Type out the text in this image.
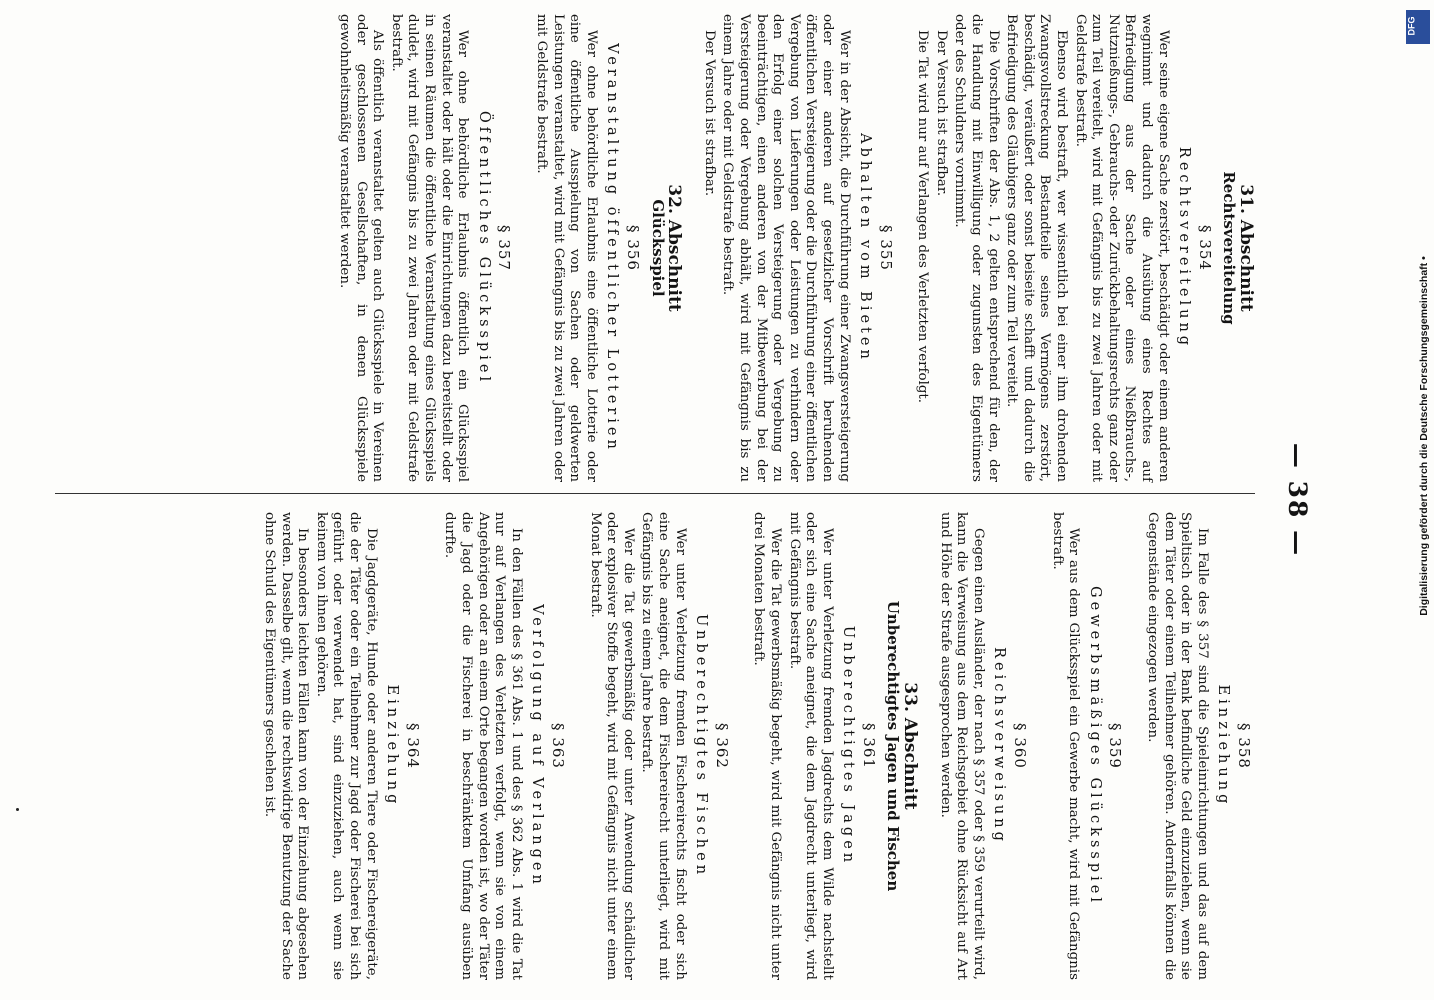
— 38 —
31. Abschnitt
Rechtsvereitelung
§ 354
Rechtsvereitelung

Wer seine eigene Sache zerstört, beschädigt oder einem anderen wegnimmt und dadurch die Ausübung eines Rechtes auf Befriedigung aus der Sache oder eines Nießbrauchs-, Nutznießungs-, Gebrauchs- oder Zurückbehaltungsrechts ganz oder zum Teil vereitelt, wird mit Gefängnis bis zu zwei Jahren oder mit Geldstrafe bestraft.

Ebenso wird bestraft, wer wissentlich bei einer ihm drohenden Zwangsvollstreckung Bestandteile seines Vermögens zerstört, beschädigt, veräußert oder sonst beiseite schafft und dadurch die Befriedigung des Gläubigers ganz oder zum Teil vereitelt.

Die Vorschriften der Abs. 1, 2 gelten entsprechend für den, der die Handlung mit Einwilligung oder zugunsten des Eigentümers oder des Schuldners vornimmt.

Der Versuch ist strafbar.

Die Tat wird nur auf Verlangen des Verletzten verfolgt.

§ 355
Abhalten vom Bieten

Wer in der Absicht, die Durchführung einer Zwangsversteigerung oder einer anderen auf gesetzlicher Vorschrift beruhenden öffentlichen Versteigerung oder die Durchführung einer öffentlichen Vergebung von Lieferungen oder Leistungen zu verhindern oder den Erfolg einer solchen Versteigerung oder Vergebung zu beeinträchtigen, einen anderen von der Mitbewerbung bei der Versteigerung oder Vergebung abhält, wird mit Gefängnis bis zu einem Jahre oder mit Geldstrafe bestraft.

Der Versuch ist strafbar.

32. Abschnitt
Glücksspiel
§ 356
Veranstaltung öffentlicher Lotterien

Wer ohne behördliche Erlaubnis eine öffentliche Lotterie oder eine öffentliche Ausspielung von Sachen oder geldwerten Leistungen veranstaltet, wird mit Gefängnis bis zu zwei Jahren oder mit Geldstrafe bestraft.

§ 357
Öffentliches Glücksspiel

Wer ohne behördliche Erlaubnis öffentlich ein Glücksspiel veranstaltet oder hält oder die Einrichtungen dazu bereitstellt oder in seinen Räumen die öffentliche Veranstaltung eines Glücksspiels duldet, wird mit Gefängnis bis zu zwei Jahren oder mit Geldstrafe bestraft.

Als öffentlich veranstaltet gelten auch Glücksspiele in Vereinen oder geschlossenen Gesellschaften, in denen Glücksspiele gewohnheitsmäßig veranstaltet werden.

§ 358
Einziehung

Im Falle des § 357 sind die Spieleinrichtungen und das auf dem Spieltisch oder in der Bank befindliche Geld einzuziehen, wenn sie dem Täter oder einem Teilnehmer gehören. Andernfalls können die Gegenstände eingezogen werden.

§ 359
Gewerbsmäßiges Glücksspiel

Wer aus dem Glücksspiel ein Gewerbe macht, wird mit Gefängnis bestraft.

§ 360
Reichsverweisung

Gegen einen Ausländer, der nach § 357 oder § 359 verurteilt wird, kann die Verweisung aus dem Reichsgebiet ohne Rücksicht auf Art und Höhe der Strafe ausgesprochen werden.

33. Abschnitt
Unberechtigtes Jagen und Fischen
§ 361
Unberechtigtes Jagen

Wer unter Verletzung fremden Jagdrechts dem Wilde nachstellt oder sich eine Sache aneignet, die dem Jagdrecht unterliegt, wird mit Gefängnis bestraft.

Wer die Tat gewerbsmäßig begeht, wird mit Gefängnis nicht unter drei Monaten bestraft.

§ 362
Unberechtigtes Fischen

Wer unter Verletzung fremden Fischereirechts fischt oder sich eine Sache aneignet, die dem Fischereirecht unterliegt, wird mit Gefängnis bis zu einem Jahre bestraft.

Wer die Tat gewerbsmäßig oder unter Anwendung schädlicher oder explosiver Stoffe begeht, wird mit Gefängnis nicht unter einem Monat bestraft.

§ 363
Verfolgung auf Verlangen

In den Fällen des § 361 Abs. 1 und des § 362 Abs. 1 wird die Tat nur auf Verlangen des Verletzten verfolgt, wenn sie von einem Angehörigen oder an einem Orte begangen worden ist, wo der Täter die Jagd oder die Fischerei in beschränktem Umfang ausüben durfte.

§ 364
Einziehung

Die Jagdgeräte, Hunde oder anderen Tiere oder Fischereigeräte, die der Täter oder ein Teilnehmer zur Jagd oder Fischerei bei sich geführt oder verwendet hat, sind einzuziehen, auch wenn sie keinem von ihnen gehören.

In besonders leichten Fällen kann von der Einziehung abgesehen werden. Dasselbe gilt, wenn die rechtswidrige Benutzung der Sache ohne Schuld des Eigentümers geschehen ist.

DFG
Digitalisierung gefördert durch die Deutsche Forschungsgemeinschaft •
